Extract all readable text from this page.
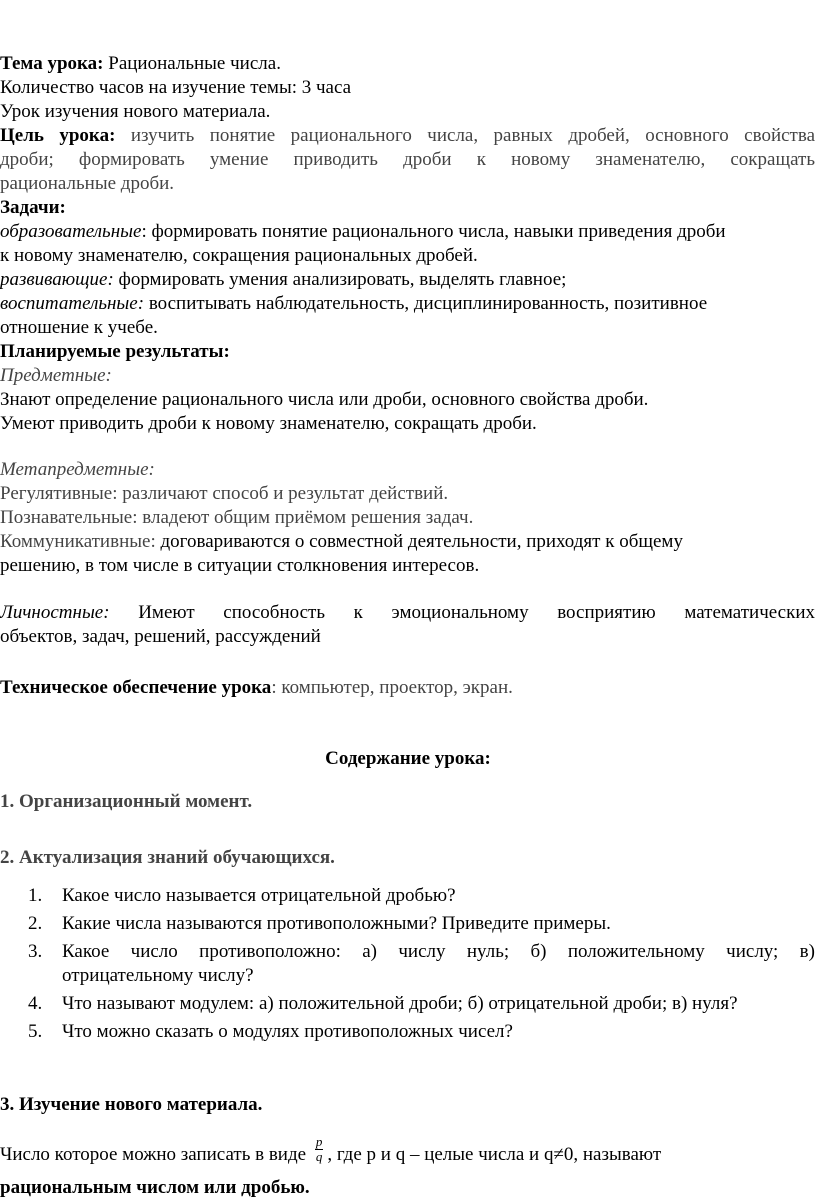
Тема урока: Рациональные числа.
Количество часов на изучение темы: 3 часа
Урок изучения нового материала.
Цель урока: изучить понятие рационального числа, равных дробей, основного свойства
дроби; формировать умение приводить дроби к новому знаменателю, сокращать
рациональные дроби.
Задачи:
образовательные: формировать понятие рационального числа, навыки приведения дроби
к новому знаменателю, сокращения рациональных дробей.
развивающие: формировать умения анализировать, выделять главное;
воспитательные: воспитывать наблюдательность, дисциплинированность, позитивное
отношение к учебе.
Планируемые результаты:
Предметные:
Знают определение рационального числа или дроби, основного свойства дроби.
Умеют приводить дроби к новому знаменателю, сокращать дроби.
Метапредметные:
Регулятивные: различают способ и результат действий.
Познавательные: владеют общим приёмом решения задач.
Коммуникативные: договариваются о совместной деятельности, приходят к общему
решению, в том числе в ситуации столкновения интересов.
Личностные: Имеют способность к эмоциональному восприятию математических
объектов, задач, решений, рассуждений
Техническое обеспечение урока: компьютер, проектор, экран.
Содержание урока:
1. Организационный момент.
2. Актуализация знаний обучающихся.
1.	Какое число называется отрицательной дробью?
2.	Какие числа называются противоположными? Приведите примеры.
3.	Какое число противоположно: а) числу нуль; б) положительному числу; в)
отрицательному числу?
4.	Что называют модулем: а) положительной дроби; б) отрицательной дроби; в) нуля?
5.	Что можно сказать о модулях противоположных чисел?
3. Изучение нового материала.
Число которое можно записать в виде $\frac{p}{q}$ , где p и q – целые числа и q≠0, называют
рациональным числом или дробью.
